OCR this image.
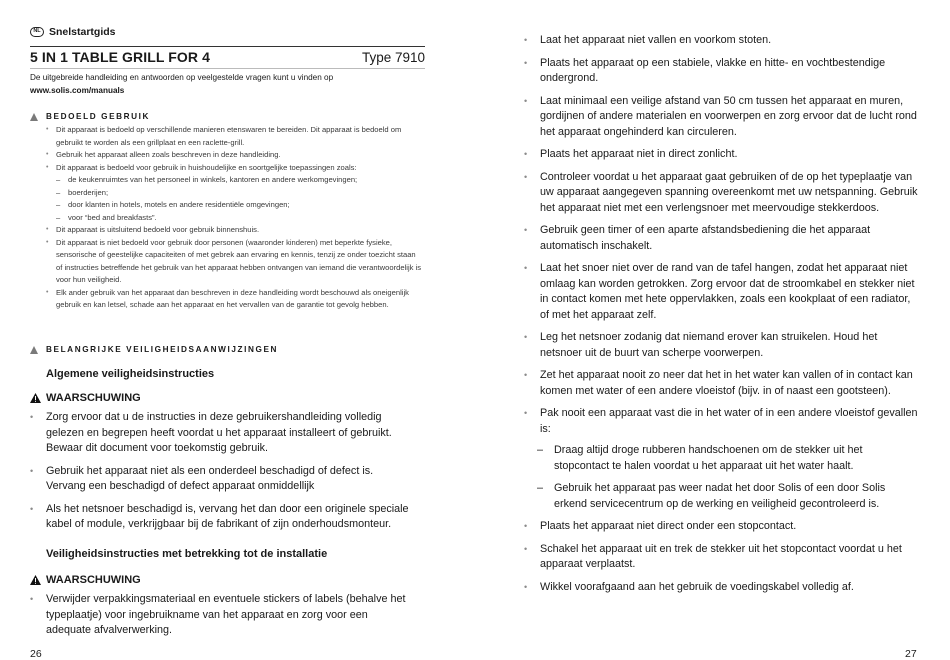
NL Snelstartgids
5 IN 1 TABLE GRILL FOR 4	Type 7910
De uitgebreide handleiding en antwoorden op veelgestelde vragen kunt u vinden op
www.solis.com/manuals
BEDOELD GEBRUIK
• Dit apparaat is bedoeld op verschillende manieren etenswaren te bereiden. Dit apparaat is bedoeld om gebruikt te worden als een grillplaat en een raclette-grill.
• Gebruik het apparaat alleen zoals beschreven in deze handleiding.
• Dit apparaat is bedoeld voor gebruik in huishoudelijke en soortgelijke toepassingen zoals:
– de keukenruimtes van het personeel in winkels, kantoren en andere werkomgevingen;
– boerderijen;
– door klanten in hotels, motels en andere residentiële omgevingen;
– voor “bed and breakfasts”.
• Dit apparaat is uitsluitend bedoeld voor gebruik binnenshuis.
• Dit apparaat is niet bedoeld voor gebruik door personen (waaronder kinderen) met beperkte fysieke, sensorische of geestelijke capaciteiten of met gebrek aan ervaring en kennis, tenzij ze onder toezicht staan of instructies betreffende het gebruik van het apparaat hebben ontvangen van iemand die verantwoordelijk is voor hun veiligheid.
• Elk ander gebruik van het apparaat dan beschreven in deze handleiding wordt beschouwd als oneigenlijk gebruik en kan letsel, schade aan het apparaat en het vervallen van de garantie tot gevolg hebben.
BELANGRIJKE VEILIGHEIDSAANWIJZINGEN
Algemene veiligheidsinstructies
WAARSCHUWING
• Zorg ervoor dat u de instructies in deze gebruikershandleiding volledig gelezen en begrepen heeft voordat u het apparaat installeert of gebruikt. Bewaar dit document voor toekomstig gebruik.
• Gebruik het apparaat niet als een onderdeel beschadigd of defect is. Vervang een beschadigd of defect apparaat onmiddellijk
• Als het netsnoer beschadigd is, vervang het dan door een originele speciale kabel of module, verkrijgbaar bij de fabrikant of zijn onderhoudsmonteur.
Veiligheidsinstructies met betrekking tot de installatie
WAARSCHUWING
• Verwijder verpakkingsmateriaal en eventuele stickers of labels (behalve het typeplaatje) voor ingebruikname van het apparaat en zorg voor een adequate afvalverwerking.
26
• Laat het apparaat niet vallen en voorkom stoten.
• Plaats het apparaat op een stabiele, vlakke en hitte- en vochtbestendige ondergrond.
• Laat minimaal een veilige afstand van 50 cm tussen het apparaat en muren, gordijnen of andere materialen en voorwerpen en zorg ervoor dat de lucht rond het apparaat ongehinderd kan circuleren.
• Plaats het apparaat niet in direct zonlicht.
• Controleer voordat u het apparaat gaat gebruiken of de op het typeplaatje van uw apparaat aangegeven spanning overeenkomt met uw netspanning. Gebruik het apparaat niet met een verlengsnoer met meervoudige stekkerdoos.
• Gebruik geen timer of een aparte afstandsbediening die het apparaat automatisch inschakelt.
• Laat het snoer niet over de rand van de tafel hangen, zodat het apparaat niet omlaag kan worden getrokken. Zorg ervoor dat de stroomkabel en stekker niet in contact komen met hete oppervlakken, zoals een kookplaat of een radiator, of met het apparaat zelf.
• Leg het netsnoer zodanig dat niemand erover kan struikelen. Houd het netsnoer uit de buurt van scherpe voorwerpen.
• Zet het apparaat nooit zo neer dat het in het water kan vallen of in contact kan komen met water of een andere vloeistof (bijv. in of naast een gootsteen).
• Pak nooit een apparaat vast die in het water of in een andere vloeistof gevallen is:
– Draag altijd droge rubberen handschoenen om de stekker uit het stopcontact te halen voordat u het apparaat uit het water haalt.
– Gebruik het apparaat pas weer nadat het door Solis of een door Solis erkend servicecentrum op de werking en veiligheid gecontroleerd is.
• Plaats het apparaat niet direct onder een stopcontact.
• Schakel het apparaat uit en trek de stekker uit het stopcontact voordat u het apparaat verplaatst.
• Wikkel voorafgaand aan het gebruik de voedingskabel volledig af.
27
